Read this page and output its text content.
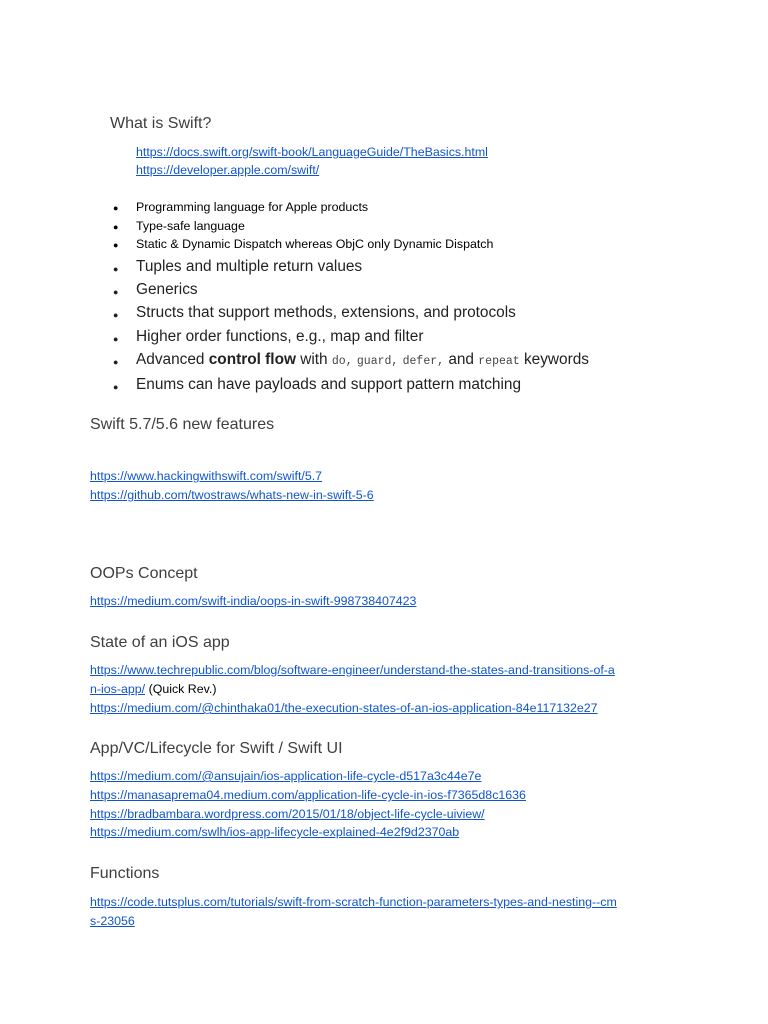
What is Swift?
https://docs.swift.org/swift-book/LanguageGuide/TheBasics.html
https://developer.apple.com/swift/
● Programming language for Apple products
● Type-safe language
● Static & Dynamic Dispatch whereas ObjC only Dynamic Dispatch
● Tuples and multiple return values
● Generics
● Structs that support methods, extensions, and protocols
● Higher order functions, e.g., map and filter
● Advanced control flow with do, guard, defer, and repeat keywords
● Enums can have payloads and support pattern matching
Swift 5.7/5.6 new features
https://www.hackingwithswift.com/swift/5.7
https://github.com/twostraws/whats-new-in-swift-5-6
OOPs Concept
https://medium.com/swift-india/oops-in-swift-998738407423
State of an iOS app
https://www.techrepublic.com/blog/software-engineer/understand-the-states-and-transitions-of-a
n-ios-app/ (Quick Rev.)
https://medium.com/@chinthaka01/the-execution-states-of-an-ios-application-84e117132e27
App/VC/Lifecycle for Swift / Swift UI
https://medium.com/@ansujain/ios-application-life-cycle-d517a3c44e7e
https://manasaprema04.medium.com/application-life-cycle-in-ios-f7365d8c1636
https://bradbambara.wordpress.com/2015/01/18/object-life-cycle-uiview/
https://medium.com/swlh/ios-app-lifecycle-explained-4e2f9d2370ab
Functions
https://code.tutsplus.com/tutorials/swift-from-scratch-function-parameters-types-and-nesting--cm
s-23056
